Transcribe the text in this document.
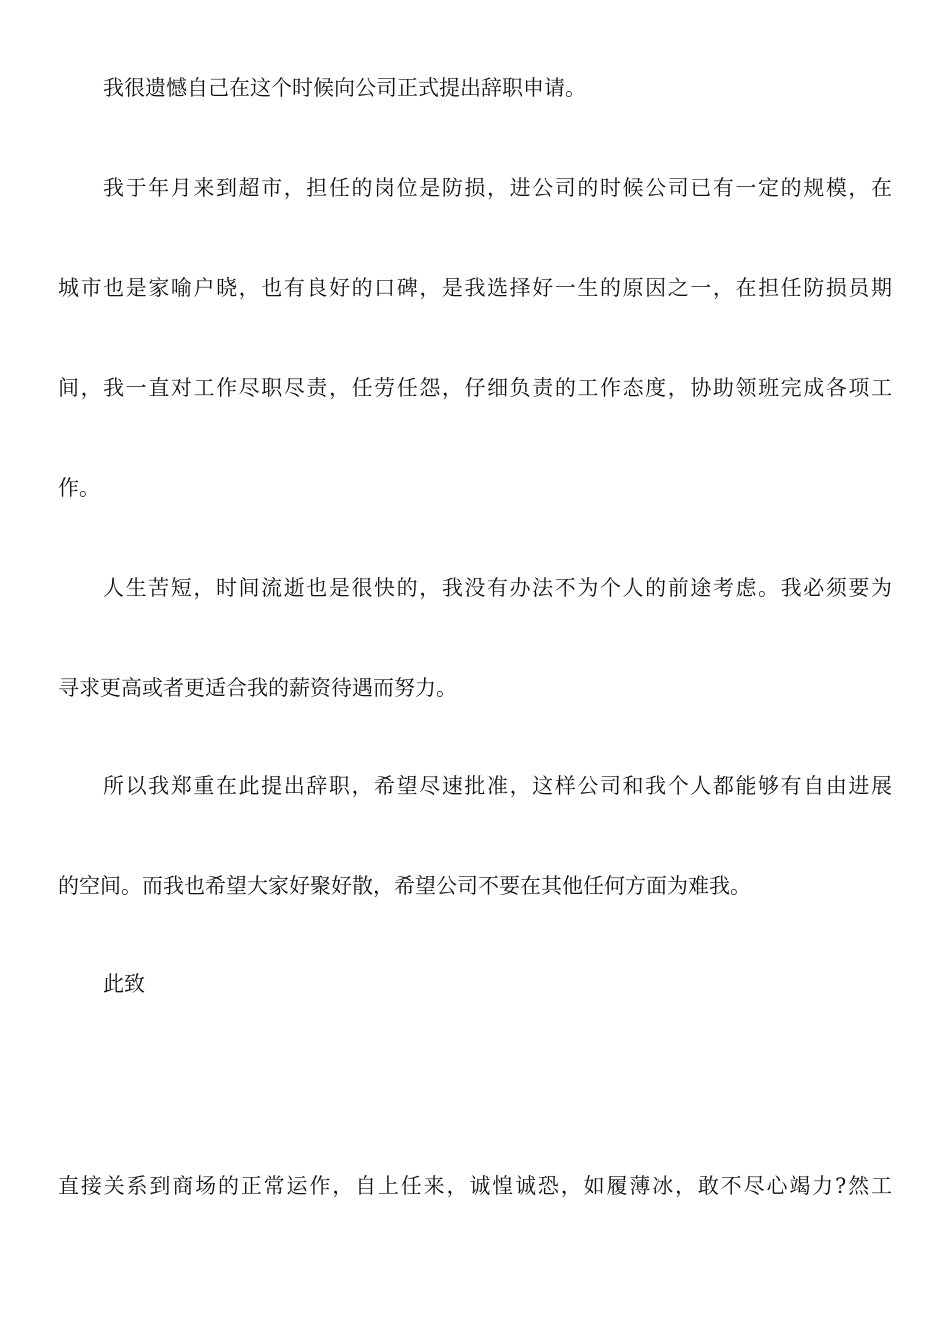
我很遗憾自己在这个时候向公司正式提出辞职申请。
我于年月来到超市，担任的岗位是防损，进公司的时候公司已有一定的规模，在
城市也是家喻户晓，也有良好的口碑，是我选择好一生的原因之一，在担任防损员期
间，我一直对工作尽职尽责，任劳任怨，仔细负责的工作态度，协助领班完成各项工
作。
人生苦短，时间流逝也是很快的，我没有办法不为个人的前途考虑。我必须要为
寻求更高或者更适合我的薪资待遇而努力。
所以我郑重在此提出辞职，希望尽速批准，这样公司和我个人都能够有自由进展
的空间。而我也希望大家好聚好散，希望公司不要在其他任何方面为难我。
此致
直接关系到商场的正常运作，自上任来，诚惶诚恐，如履薄冰，敢不尽心竭力?然工
